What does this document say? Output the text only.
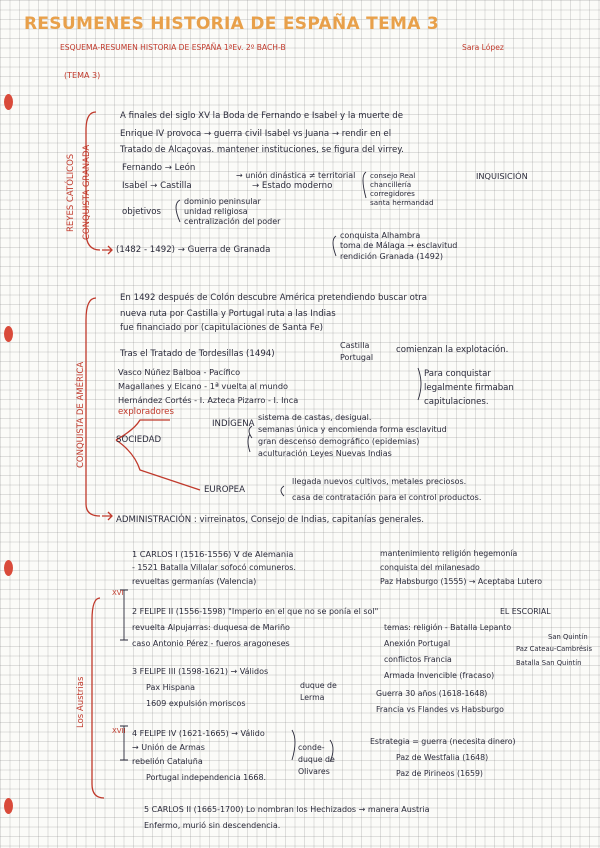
RESUMENES HISTORIA DE ESPAÑA TEMA 3
ESQUEMA-RESUMEN HISTORIA DE ESPAÑA 1ªEv. 2º BACH-B	Sara López
(TEMA 3)
REYES CATÓLICOS CONQUISTA GRANADA
CONQUISTA DE AMÉRICA
Los Austrias
A finales del siglo XV la Boda de Fernando e Isabel y la muerte de
Enrique IV provoca → guerra civil Isabel vs Juana → rendir en el
Tratado de Alcaçovas. mantener instituciones, se figura del virrey.
Fernando → León
→ unión dinástica ≠ territorial
Isabel → Castilla	→ Estado moderno
consejo Real
chancillería
corregidores
santa hermandad
INQUISICIÓN
objetivos
dominio peninsular
unidad religiosa
centralización del poder
(1482 - 1492) → Guerra de Granada
conquista Alhambra
toma de Málaga → esclavitud
rendición Granada (1492)
En 1492 después de Colón descubre América pretendiendo buscar otra
nueva ruta por Castilla y Portugal ruta a las Indias
fue financiado por (capitulaciones de Santa Fe)
Castilla
Portugal
Tras el Tratado de Tordesillas (1494)	comienzan la explotación.
Vasco Núñez Balboa - Pacífico
Magallanes y Elcano - 1ª vuelta al mundo
Hernández Cortés - I. Azteca Pizarro - I. Inca
exploradores
Para conquistar
legalmente firmaban
capitulaciones.
INDÍGENA
sistema de castas, desigual.
semanas única y encomienda forma esclavitud
gran descenso demográfico (epidemias)
aculturación Leyes Nuevas Indias
SOCIEDAD
EUROPEA
llegada nuevos cultivos, metales preciosos.
casa de contratación para el control productos.
ADMINISTRACIÓN : virreinatos, Consejo de Indias, capitanías generales.
XVI
XVII
1 CARLOS I (1516-1556) V de Alemania
- 1521 Batalla Villalar sofocó comuneros.
revueltas germanías (Valencia)
mantenimiento religión hegemonía
conquista del milanesado
Paz Habsburgo (1555) → Aceptaba Lutero
2 FELIPE II (1556-1598) "Imperio en el que no se ponía el sol"
revuelta Alpujarras: duquesa de Mariño
caso Antonio Pérez - fueros aragoneses
EL ESCORIAL
temas: religión - Batalla Lepanto
Anexión Portugal
conflictos Francia
Armada Invencible (fracaso)
San Quintín
Paz Cateau-Cambrésis
Batalla San Quintín
3 FELIPE III (1598-1621) → Válidos
Pax Hispana
1609 expulsión moriscos
duque de
Lerma	Guerra 30 años (1618-1648)
Francia vs Flandes vs Habsburgo
4 FELIPE IV (1621-1665) → Válido
→ Unión de Armas
rebelión Cataluña
Portugal independencia 1668.
conde-
duque de
Olivares
Estrategia = guerra (necesita dinero)
Paz de Westfalia (1648)
Paz de Pirineos (1659)
5 CARLOS II (1665-1700) Lo nombran los Hechizados → manera Austria
Enfermo, murió sin descendencia.
